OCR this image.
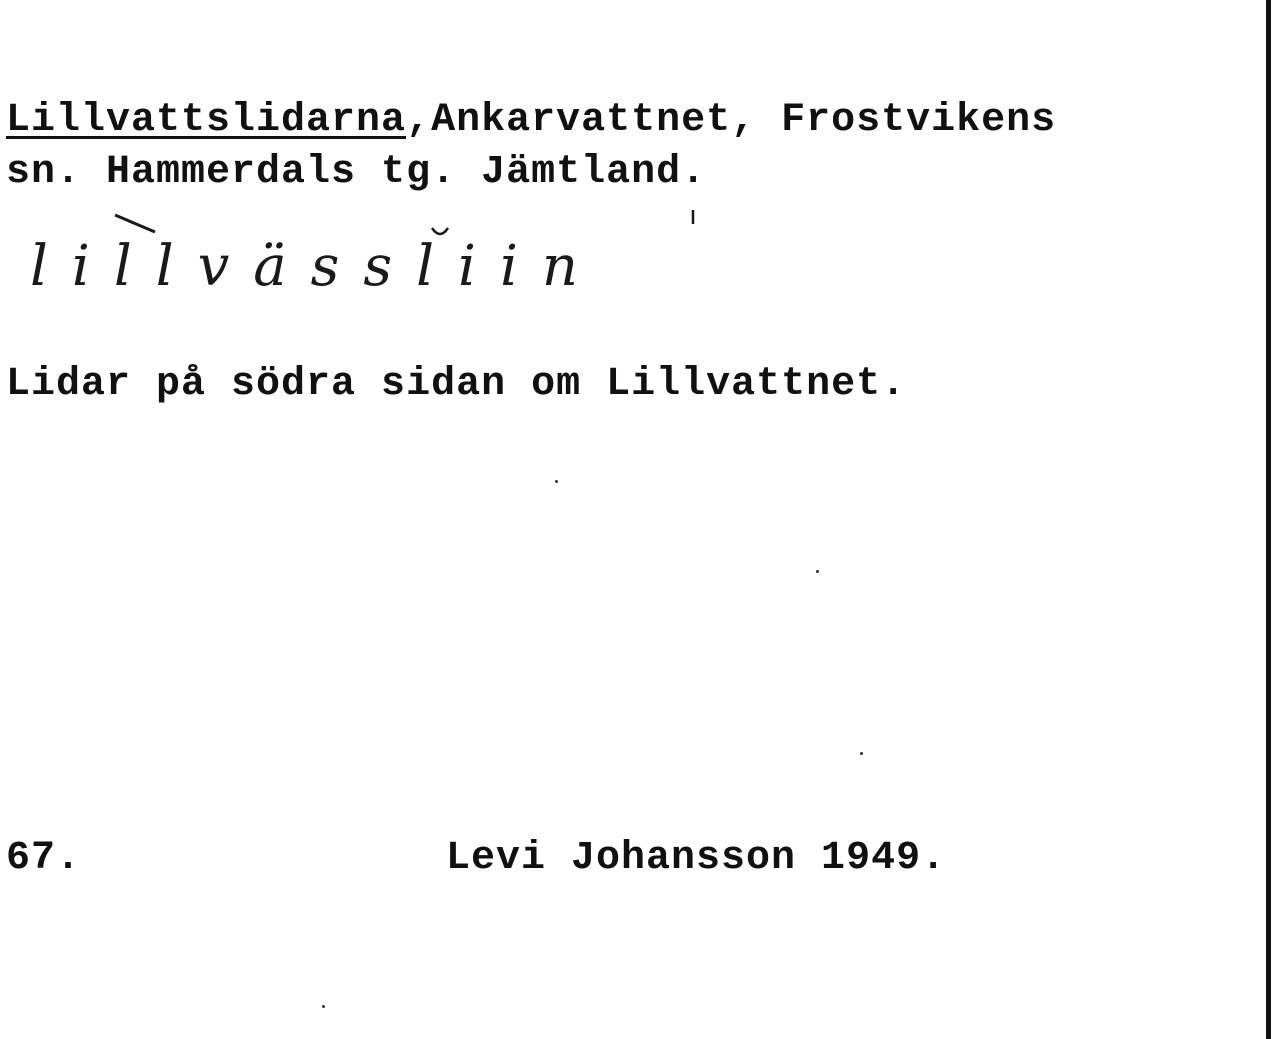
Lillvattslidarna,Ankarvattnet, Frostvikens
sn. Hammerdals tg. Jämtland.
lillvässliin
Lidar på södra sidan om Lillvattnet.
67.	Levi Johansson 1949.
